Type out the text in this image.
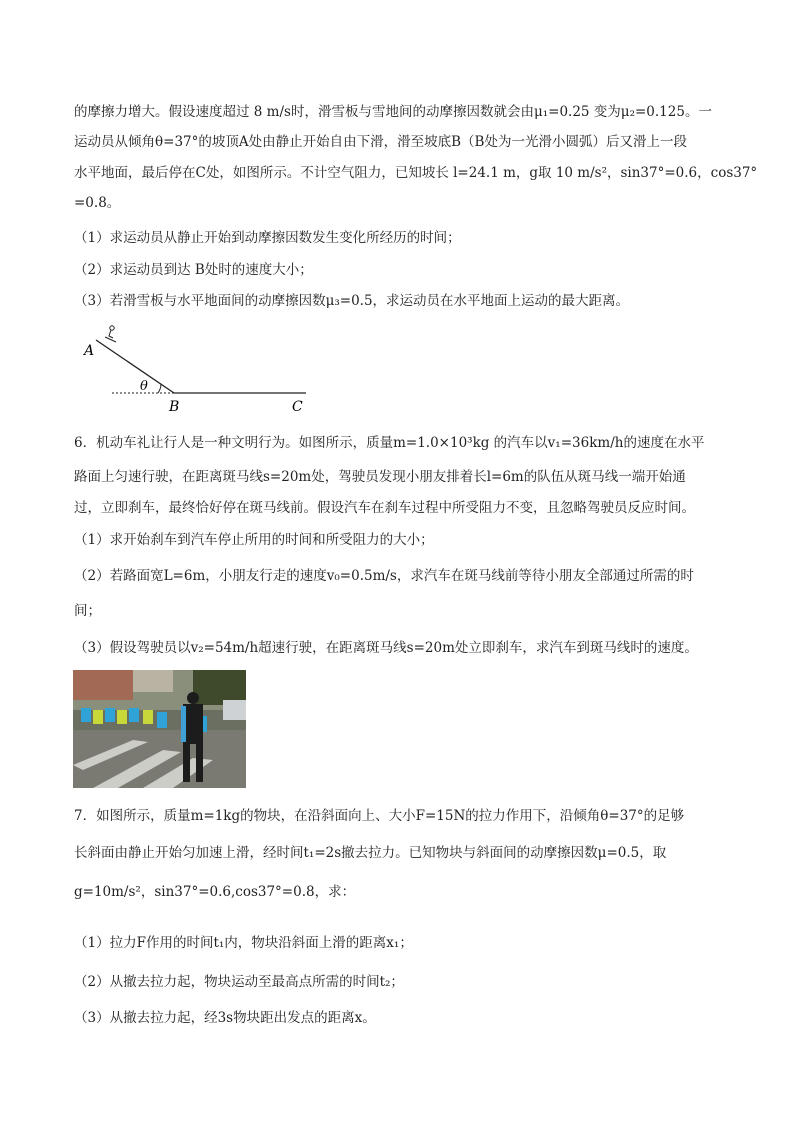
的摩擦力增大。假设速度超过 8 m/s时，滑雪板与雪地间的动摩擦因数就会由μ₁=0.25 变为μ₂=0.125。一
运动员从倾角θ=37°的坡顶A处由静止开始自由下滑，滑至坡底B（B处为一光滑小圆弧）后又滑上一段
水平地面，最后停在C处，如图所示。不计空气阻力，已知坡长 l=24.1 m，g取 10 m/s²，sin37°=0.6，cos37°
=0.8。
（1）求运动员从静止开始到动摩擦因数发生变化所经历的时间；
（2）求运动员到达 B处时的速度大小；
（3）若滑雪板与水平地面间的动摩擦因数μ₃=0.5，求运动员在水平地面上运动的最大距离。
A
θ
B	C
6．机动车礼让行人是一种文明行为。如图所示，质量m=1.0×10³kg 的汽车以v₁=36km/h的速度在水平
路面上匀速行驶，在距离斑马线s=20m处，驾驶员发现小朋友排着长l=6m的队伍从斑马线一端开始通
过，立即刹车，最终恰好停在斑马线前。假设汽车在刹车过程中所受阻力不变，且忽略驾驶员反应时间。
（1）求开始刹车到汽车停止所用的时间和所受阻力的大小；
（2）若路面宽L=6m，小朋友行走的速度v₀=0.5m/s，求汽车在斑马线前等待小朋友全部通过所需的时
间；
（3）假设驾驶员以v₂=54m/h超速行驶，在距离斑马线s=20m处立即刹车，求汽车到斑马线时的速度。
7．如图所示，质量m=1kg的物块，在沿斜面向上、大小F=15N的拉力作用下，沿倾角θ=37°的足够
长斜面由静止开始匀加速上滑，经时间t₁=2s撤去拉力。已知物块与斜面间的动摩擦因数μ=0.5，取
g=10m/s²，sin37°=0.6,cos37°=0.8，求：
（1）拉力F作用的时间t₁内，物块沿斜面上滑的距离x₁；
（2）从撤去拉力起，物块运动至最高点所需的时间t₂；
（3）从撤去拉力起，经3s物块距出发点的距离x。
